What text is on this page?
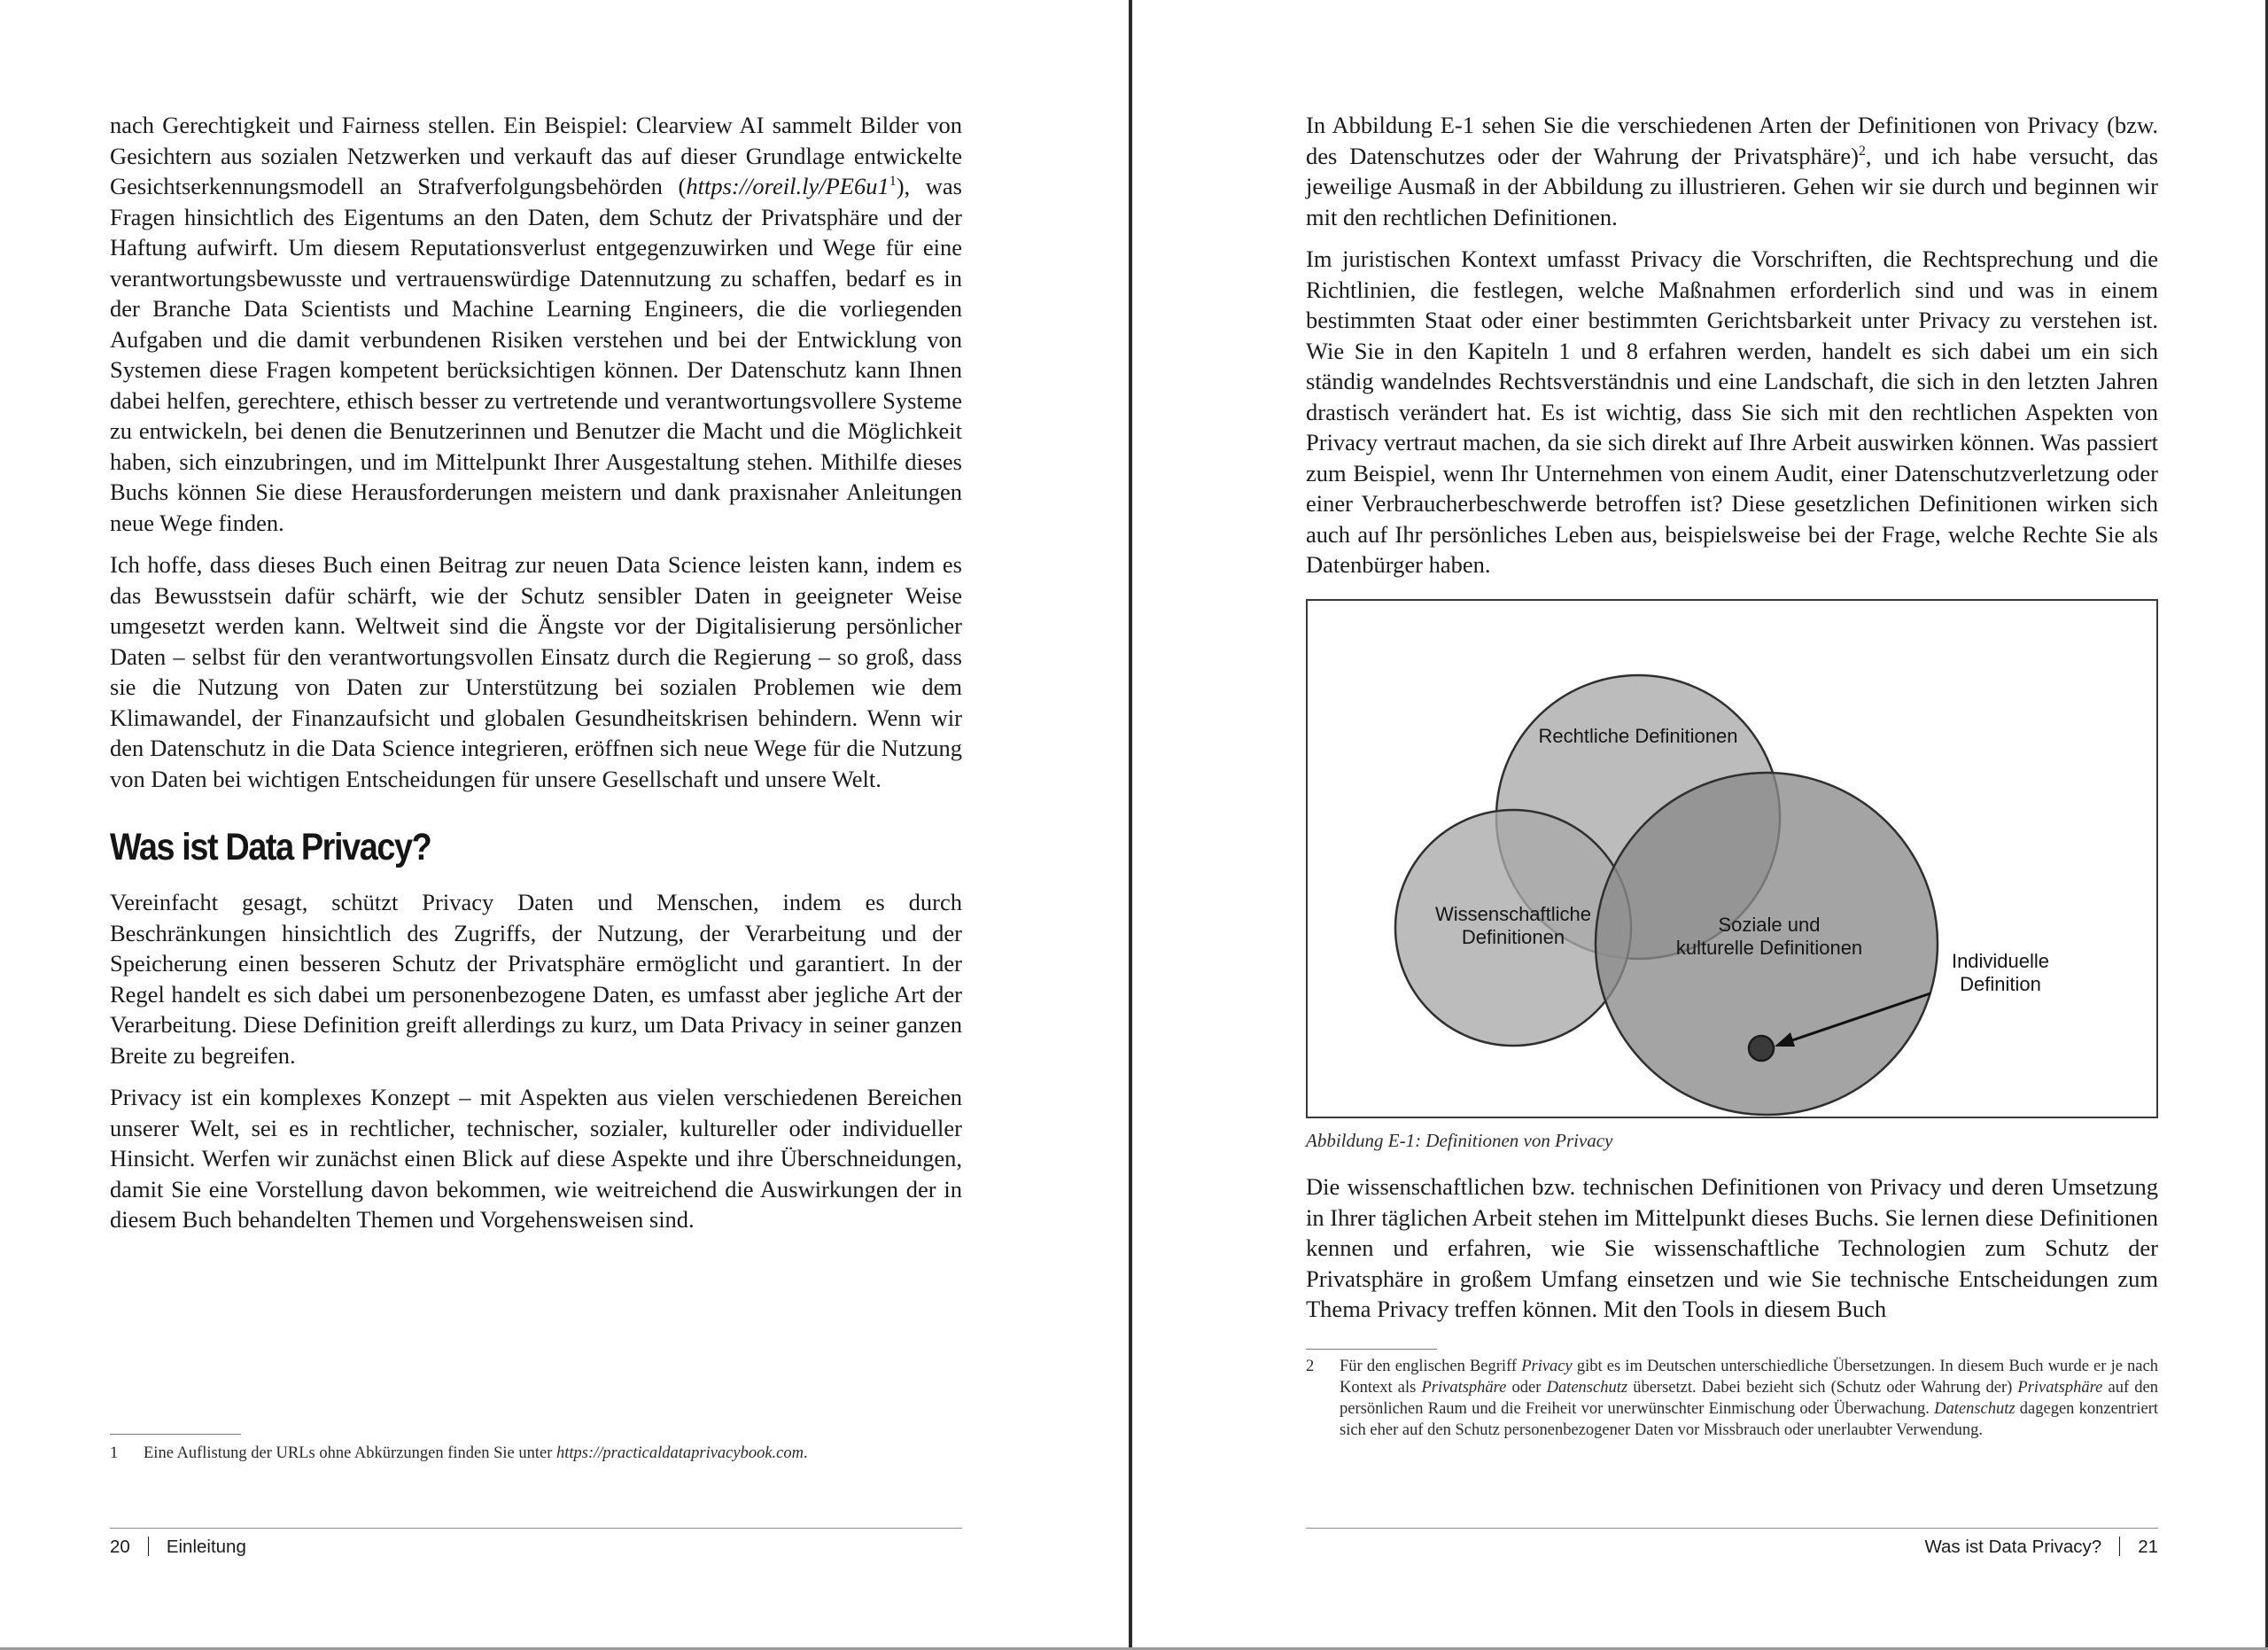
nach Gerechtigkeit und Fairness stellen. Ein Beispiel: Clearview AI sammelt Bilder von Gesichtern aus sozialen Netzwerken und verkauft das auf dieser Grundlage entwickelte Gesichtserkennungsmodell an Strafverfolgungsbehörden $(https://oreil.ly/PE6u1^1)$, was Fragen hinsichtlich des Eigentums an den Daten, dem Schutz der Privatsphäre und der Haftung aufwirft. Um diesem Reputationsverlust entgegenzuwirken und Wege für eine verantwortungsbewusste und vertrauenswürdige Datennutzung zu schaffen, bedarf es in der Branche Data Scientists und Machine Learning Engineers, die die vorliegenden Aufgaben und die damit verbundenen Risiken verstehen und bei der Entwicklung von Systemen diese Fragen kompetent berücksichtigen können. Der Datenschutz kann Ihnen dabei helfen, gerechtere, ethisch besser zu vertretende und verantwortungsvollere Systeme zu entwickeln, bei denen die Benutzerinnen und Benutzer die Macht und die Möglichkeit haben, sich einzubringen, und im Mittelpunkt Ihrer Ausgestaltung stehen. Mithilfe dieses Buchs können Sie diese Herausforderungen meistern und dank praxisnaher Anleitungen neue Wege finden.

Ich hoffe, dass dieses Buch einen Beitrag zur neuen Data Science leisten kann, indem es das Bewusstsein dafür schärft, wie der Schutz sensibler Daten in geeigneter Weise umgesetzt werden kann. Weltweit sind die Ängste vor der Digitalisierung persönlicher Daten – selbst für den verantwortungsvollen Einsatz durch die Regierung – so groß, dass sie die Nutzung von Daten zur Unterstützung bei sozialen Problemen wie dem Klimawandel, der Finanzaufsicht und globalen Gesundheitskrisen behindern. Wenn wir den Datenschutz in die Data Science integrieren, eröffnen sich neue Wege für die Nutzung von Daten bei wichtigen Entscheidungen für unsere Gesellschaft und unsere Welt.

Was ist Data Privacy?

Vereinfacht gesagt, schützt Privacy Daten und Menschen, indem es durch Beschränkungen hinsichtlich des Zugriffs, der Nutzung, der Verarbeitung und der Speicherung einen besseren Schutz der Privatsphäre ermöglicht und garantiert. In der Regel handelt es sich dabei um personenbezogene Daten, es umfasst aber jegliche Art der Verarbeitung. Diese Definition greift allerdings zu kurz, um Data Privacy in seiner ganzen Breite zu begreifen.

Privacy ist ein komplexes Konzept – mit Aspekten aus vielen verschiedenen Bereichen unserer Welt, sei es in rechtlicher, technischer, sozialer, kultureller oder individueller Hinsicht. Werfen wir zunächst einen Blick auf diese Aspekte und ihre Überschneidungen, damit Sie eine Vorstellung davon bekommen, wie weitreichend die Auswirkungen der in diesem Buch behandelten Themen und Vorgehensweisen sind.

1 Eine Auflistung der URLs ohne Abkürzungen finden Sie unter https://practicaldataprivacybook.com.
20 Einleitung

In Abbildung E-1 sehen Sie die verschiedenen Arten der Definitionen von Privacy (bzw. des Datenschutzes oder der Wahrung der Privatsphäre)$^2$, und ich habe versucht, das jeweilige Ausmaß in der Abbildung zu illustrieren. Gehen wir sie durch und beginnen wir mit den rechtlichen Definitionen.

Im juristischen Kontext umfasst Privacy die Vorschriften, die Rechtsprechung und die Richtlinien, die festlegen, welche Maßnahmen erforderlich sind und was in einem bestimmten Staat oder einer bestimmten Gerichtsbarkeit unter Privacy zu verstehen ist. Wie Sie in den Kapiteln 1 und 8 erfahren werden, handelt es sich dabei um ein sich ständig wandelndes Rechtsverständnis und eine Landschaft, die sich in den letzten Jahren drastisch verändert hat. Es ist wichtig, dass Sie sich mit den rechtlichen Aspekten von Privacy vertraut machen, da sie sich direkt auf Ihre Arbeit auswirken können. Was passiert zum Beispiel, wenn Ihr Unternehmen von einem Audit, einer Datenschutzverletzung oder einer Verbraucherbeschwerde betroffen ist? Diese gesetzlichen Definitionen wirken sich auch auf Ihr persönliches Leben aus, beispielsweise bei der Frage, welche Rechte Sie als Datenbürger haben.

Rechtliche Definitionen
Wissenschaftliche
Definitionen
Soziale und
kulturelle Definitionen
Individuelle
Definition
Abbildung E-1: Definitionen von Privacy

Die wissenschaftlichen bzw. technischen Definitionen von Privacy und deren Umsetzung in Ihrer täglichen Arbeit stehen im Mittelpunkt dieses Buchs. Sie lernen diese Definitionen kennen und erfahren, wie Sie wissenschaftliche Technologien zum Schutz der Privatsphäre in großem Umfang einsetzen und wie Sie technische Entscheidungen zum Thema Privacy treffen können. Mit den Tools in diesem Buch

2 Für den englischen Begriff Privacy gibt es im Deutschen unterschiedliche Übersetzungen. In diesem Buch wurde er je nach Kontext als Privatsphäre oder Datenschutz übersetzt. Dabei bezieht sich (Schutz oder Wahrung der) Privatsphäre auf den persönlichen Raum und die Freiheit vor unerwünschter Einmischung oder Überwachung. Datenschutz dagegen konzentriert sich eher auf den Schutz personenbezogener Daten vor Missbrauch oder unerlaubter Verwendung.
Was ist Data Privacy? 21
